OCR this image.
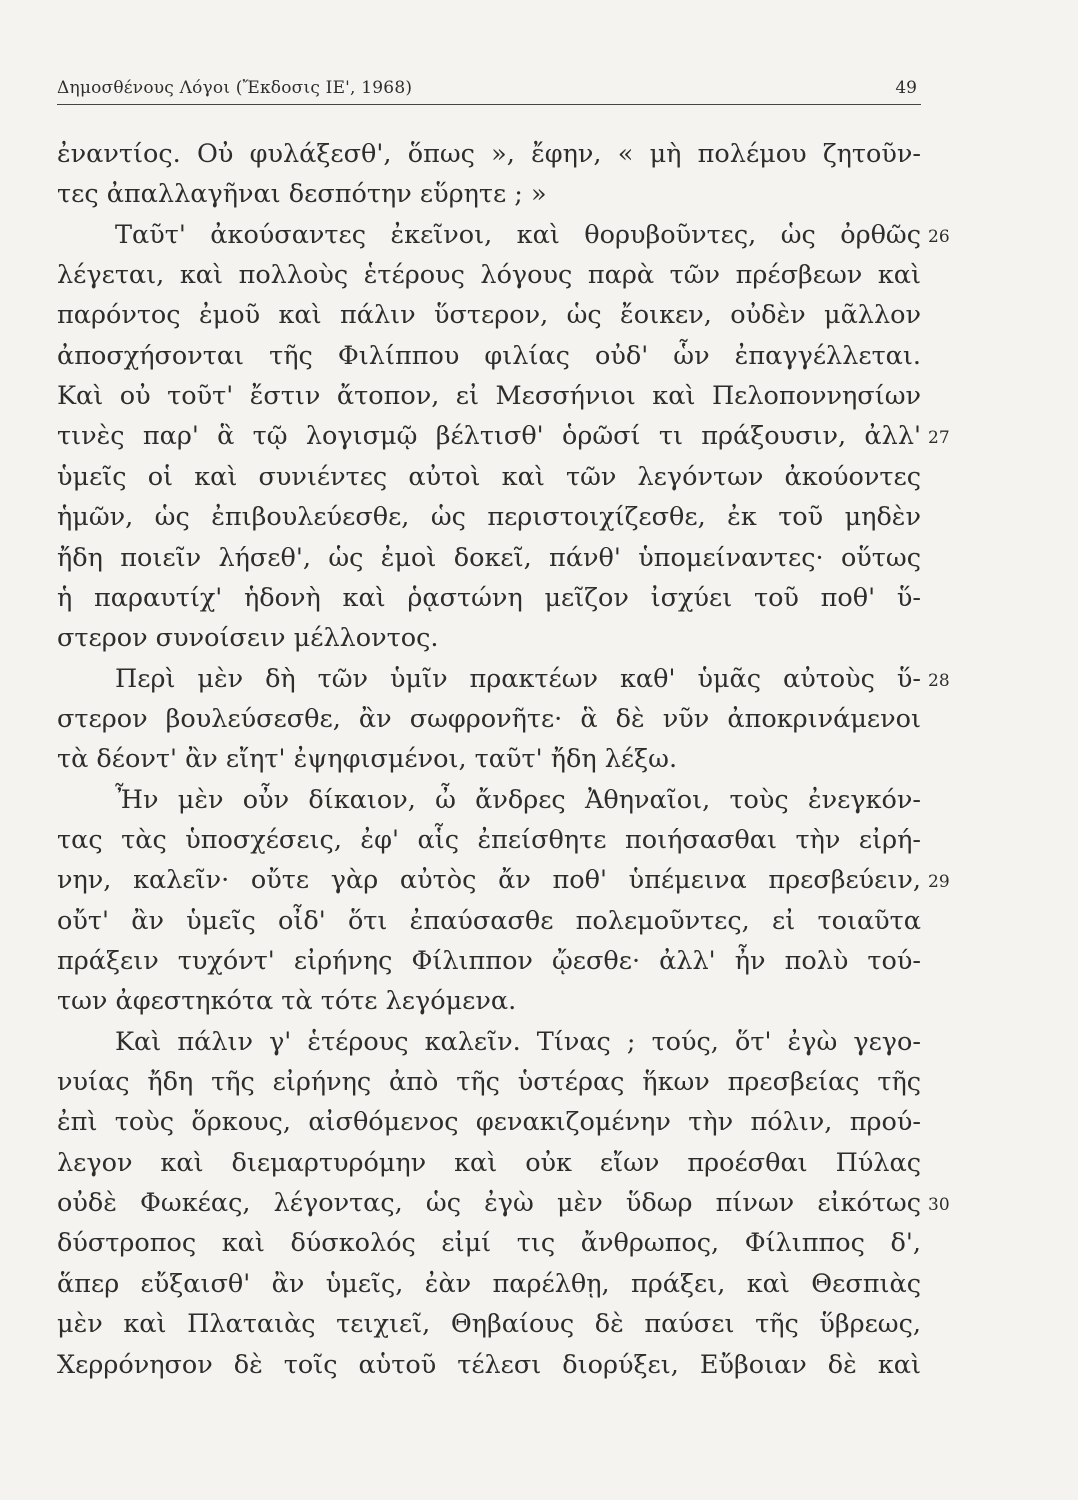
Δημοσθένους Λόγοι (Ἔκδοσις ΙΕ', 1968)	49
ἐναντίος. Οὐ φυλάξεσθ', ὅπως », ἔφην, « μὴ πολέμου ζητοῦν-
τες ἀπαλλαγῆναι δεσπότην εὕρητε ; »
Ταῦτ' ἀκούσαντες ἐκεῖνοι, καὶ θορυβοῦντες, ὡς ὀρθῶς 26
λέγεται, καὶ πολλοὺς ἑτέρους λόγους παρὰ τῶν πρέσβεων καὶ
παρόντος ἐμοῦ καὶ πάλιν ὕστερον, ὡς ἔοικεν, οὐδὲν μᾶλλον
ἀποσχήσονται τῆς Φιλίππου φιλίας οὐδ' ὧν ἐπαγγέλλεται.
Καὶ οὐ τοῦτ' ἔστιν ἄτοπον, εἰ Μεσσήνιοι καὶ Πελοποννησίων
τινὲς παρ' ἃ τῷ λογισμῷ βέλτισθ' ὁρῶσί τι πράξουσιν, ἀλλ' 27
ὑμεῖς οἱ καὶ συνιέντες αὐτοὶ καὶ τῶν λεγόντων ἀκούοντες
ἡμῶν, ὡς ἐπιβουλεύεσθε, ὡς περιστοιχίζεσθε, ἐκ τοῦ μηδὲν
ἤδη ποιεῖν λήσεθ', ὡς ἐμοὶ δοκεῖ, πάνθ' ὑπομείναντες· οὕτως
ἡ παραυτίχ' ἡδονὴ καὶ ῥᾳστώνη μεῖζον ἰσχύει τοῦ ποθ' ὕ-
στερον συνοίσειν μέλλοντος.
Περὶ μὲν δὴ τῶν ὑμῖν πρακτέων καθ' ὑμᾶς αὐτοὺς ὕ- 28
στερον βουλεύσεσθε, ἂν σωφρονῆτε· ἃ δὲ νῦν ἀποκρινάμενοι
τὰ δέοντ' ἂν εἴητ' ἐψηφισμένοι, ταῦτ' ἤδη λέξω.
Ἦν μὲν οὖν δίκαιον, ὦ ἄνδρες Ἀθηναῖοι, τοὺς ἐνεγκόν-
τας τὰς ὑποσχέσεις, ἐφ' αἷς ἐπείσθητε ποιήσασθαι τὴν εἰρή-
νην, καλεῖν· οὔτε γὰρ αὐτὸς ἄν ποθ' ὑπέμεινα πρεσβεύειν, 29
οὔτ' ἂν ὑμεῖς οἶδ' ὅτι ἐπαύσασθε πολεμοῦντες, εἰ τοιαῦτα
πράξειν τυχόντ' εἰρήνης Φίλιππον ᾤεσθε· ἀλλ' ἦν πολὺ τού-
των ἀφεστηκότα τὰ τότε λεγόμενα.
Καὶ πάλιν γ' ἑτέρους καλεῖν. Τίνας ; τούς, ὅτ' ἐγὼ γεγο-
νυίας ἤδη τῆς εἰρήνης ἀπὸ τῆς ὑστέρας ἥκων πρεσβείας τῆς
ἐπὶ τοὺς ὅρκους, αἰσθόμενος φενακιζομένην τὴν πόλιν, πρού-
λεγον καὶ διεμαρτυρόμην καὶ οὐκ εἴων προέσθαι Πύλας
οὐδὲ Φωκέας, λέγοντας, ὡς ἐγὼ μὲν ὕδωρ πίνων εἰκότως 30
δύστροπος καὶ δύσκολός εἰμί τις ἄνθρωπος, Φίλιππος δ',
ἅπερ εὔξαισθ' ἂν ὑμεῖς, ἐὰν παρέλθῃ, πράξει, καὶ Θεσπιὰς
μὲν καὶ Πλαταιὰς τειχιεῖ, Θηβαίους δὲ παύσει τῆς ὕβρεως,
Χερρόνησον δὲ τοῖς αὑτοῦ τέλεσι διορύξει, Εὔβοιαν δὲ καὶ
